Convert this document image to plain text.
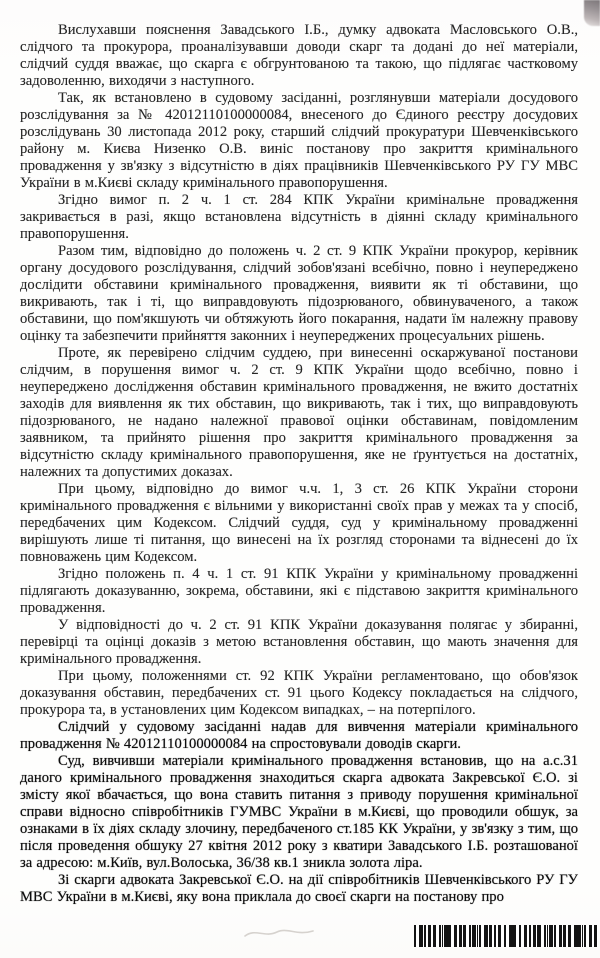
Вислухавши пояснення Завадського І.Б., думку адвоката Масловського О.В., слідчого та прокурора, проаналізувавши доводи скарг та додані до неї матеріали, слідчий суддя вважає, що скарга є обгрунтованою та такою, що підлягає частковому задоволенню, виходячи з наступного.

Так, як встановлено в судовому засіданні, розглянувши матеріали досудового розслідування за № 42012110100000084, внесеного до Єдиного реєстру досудових розслідувань 30 листопада 2012 року, старший слідчий прокуратури Шевченківського району м. Києва Низенко О.В. виніс постанову про закриття кримінального провадження у зв'язку з відсутністю в діях працівників Шевченківського РУ ГУ МВС України в м.Києві складу кримінального правопорушення.

Згідно вимог п. 2 ч. 1 ст. 284 КПК України кримінальне провадження закривається в разі, якщо встановлена відсутність в діянні складу кримінального правопорушення.

Разом тим, відповідно до положень ч. 2 ст. 9 КПК України прокурор, керівник органу досудового розслідування, слідчий зобов'язані всебічно, повно і неупереджено дослідити обставини кримінального провадження, виявити як ті обставини, що викривають, так і ті, що виправдовують підозрюваного, обвинуваченого, а також обставини, що пом'якшують чи обтяжують його покарання, надати їм належну правову оцінку та забезпечити прийняття законних і неупереджених процесуальних рішень.

Проте, як перевірено слідчим суддею, при винесенні оскаржуваної постанови слідчим, в порушення вимог ч. 2 ст. 9 КПК України щодо всебічно, повно і неупереджено дослідження обставин кримінального провадження, не вжито достатніх заходів для виявлення як тих обставин, що викривають, так і тих, що виправдовують підозрюваного, не надано належної правової оцінки обставинам, повідомленим заявником, та прийнято рішення про закриття кримінального провадження за відсутністю складу кримінального правопорушення, яке не ґрунтується на достатніх, належних та допустимих доказах.

При цьому, відповідно до вимог ч.ч. 1, 3 ст. 26 КПК України сторони кримінального провадження є вільними у використанні своїх прав у межах та у спосіб, передбачених цим Кодексом. Слідчий суддя, суд у кримінальному провадженні вирішують лише ті питання, що винесені на їх розгляд сторонами та віднесені до їх повноважень цим Кодексом.

Згідно положень п. 4 ч. 1 ст. 91 КПК України у кримінальному провадженні підлягають доказуванню, зокрема, обставини, які є підставою закриття кримінального провадження.

У відповідності до ч. 2 ст. 91 КПК України доказування полягає у збиранні, перевірці та оцінці доказів з метою встановлення обставин, що мають значення для кримінального провадження.

При цьому, положеннями ст. 92 КПК України регламентовано, що обов'язок доказування обставин, передбачених ст. 91 цього Кодексу покладається на слідчого, прокурора та, в установлених цим Кодексом випадках, – на потерпілого.

Слідчий у судовому засіданні надав для вивчення матеріали кримінального провадження № 42012110100000084 на спростовували доводів скарги.

Суд, вивчивши матеріали кримінального провадження встановив, що на а.с.31 даного кримінального провадження знаходиться скарга адвоката Закревської Є.О. зі змісту якої вбачається, що вона ставить питання з приводу порушення кримінальної справи відносно співробітників ГУМВС України в м.Києві, що проводили обшук, за ознаками в їх діях складу злочину, передбаченого ст.185 КК України, у зв'язку з тим, що після проведення обшуку 27 квітня 2012 року з кватири Завадського І.Б. розташованої за адресою: м.Київ, вул.Волоська, 36/38 кв.1 зникла золота ліра.

Зі скарги адвоката Закревської Є.О. на дії співробітників Шевченківського РУ ГУ МВС України в м.Києві, яку вона приклала до своєї скарги на постанову про
